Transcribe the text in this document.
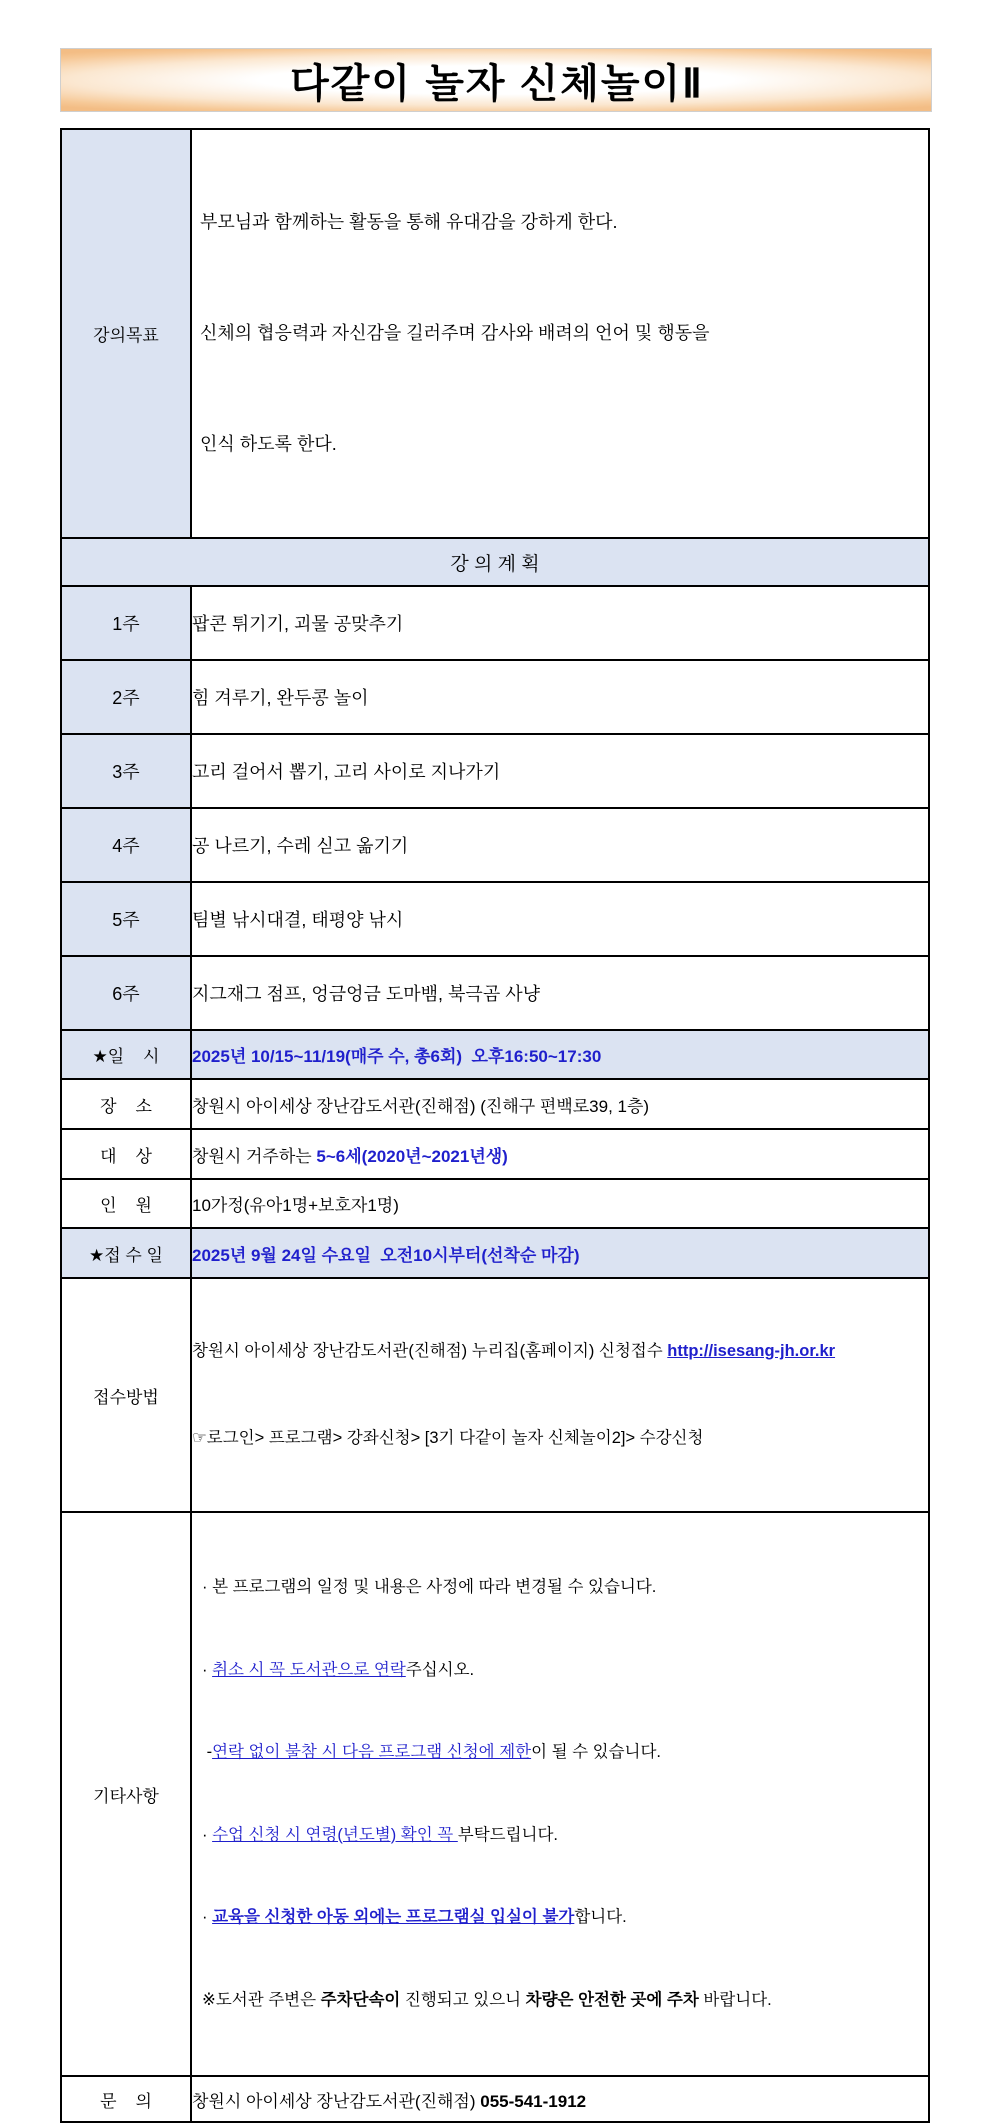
다같이 놀자 신체놀이Ⅱ
강의목표	부모님과 함께하는 활동을 통해 유대감을 강하게 한다.

신체의 협응력과 자신감을 길러주며 감사와 배려의 언어 및 행동을

인식 하도록 한다.

강 의 계 획	
1주	팝콘 튀기기, 괴물 공맞추기
2주	힘 겨루기, 완두콩 놀이
3주	고리 걸어서 뽑기, 고리 사이로 지나가기
4주	공 나르기, 수레 싣고 옮기기
5주	팀별 낚시대결, 태평양 낚시
6주	지그재그 점프, 엉금엉금 도마뱀, 북극곰 사냥
★일    시	2025년 10/15~11/19(매주 수, 총6회)  오후16:50~17:30
장    소	창원시 아이세상 장난감도서관(진해점) (진해구 편백로39, 1층)
대    상	창원시 거주하는 5~6세(2020년~2021년생)
인    원	10가정(유아1명+보호자1명)
★접 수 일	2025년 9월 24일 수요일  오전10시부터(선착순 마감)
접수방법	창원시 아이세상 장난감도서관(진해점) 누리집(홈페이지) 신청접수 http://isesang-jh.or.kr

☞로그인> 프로그램> 강좌신청> [3기 다같이 놀자 신체놀이2]> 수강신청

기타사항	

· 본 프로그램의 일정 및 내용은 사정에 따라 변경될 수 있습니다.

· 취소 시 꼭 도서관으로 연락주십시오.

-연락 없이 불참 시 다음 프로그램 신청에 제한이 될 수 있습니다.

· 수업 신청 시 연령(년도별) 확인 꼭 부탁드립니다.

· 교육을 신청한 아동 외에는 프로그램실 입실이 불가합니다.

※도서관 주변은 주차단속이 진행되고 있으니 차량은 안전한 곳에 주차 바랍니다.

문    의	창원시 아이세상 장난감도서관(진해점) 055-541-1912
